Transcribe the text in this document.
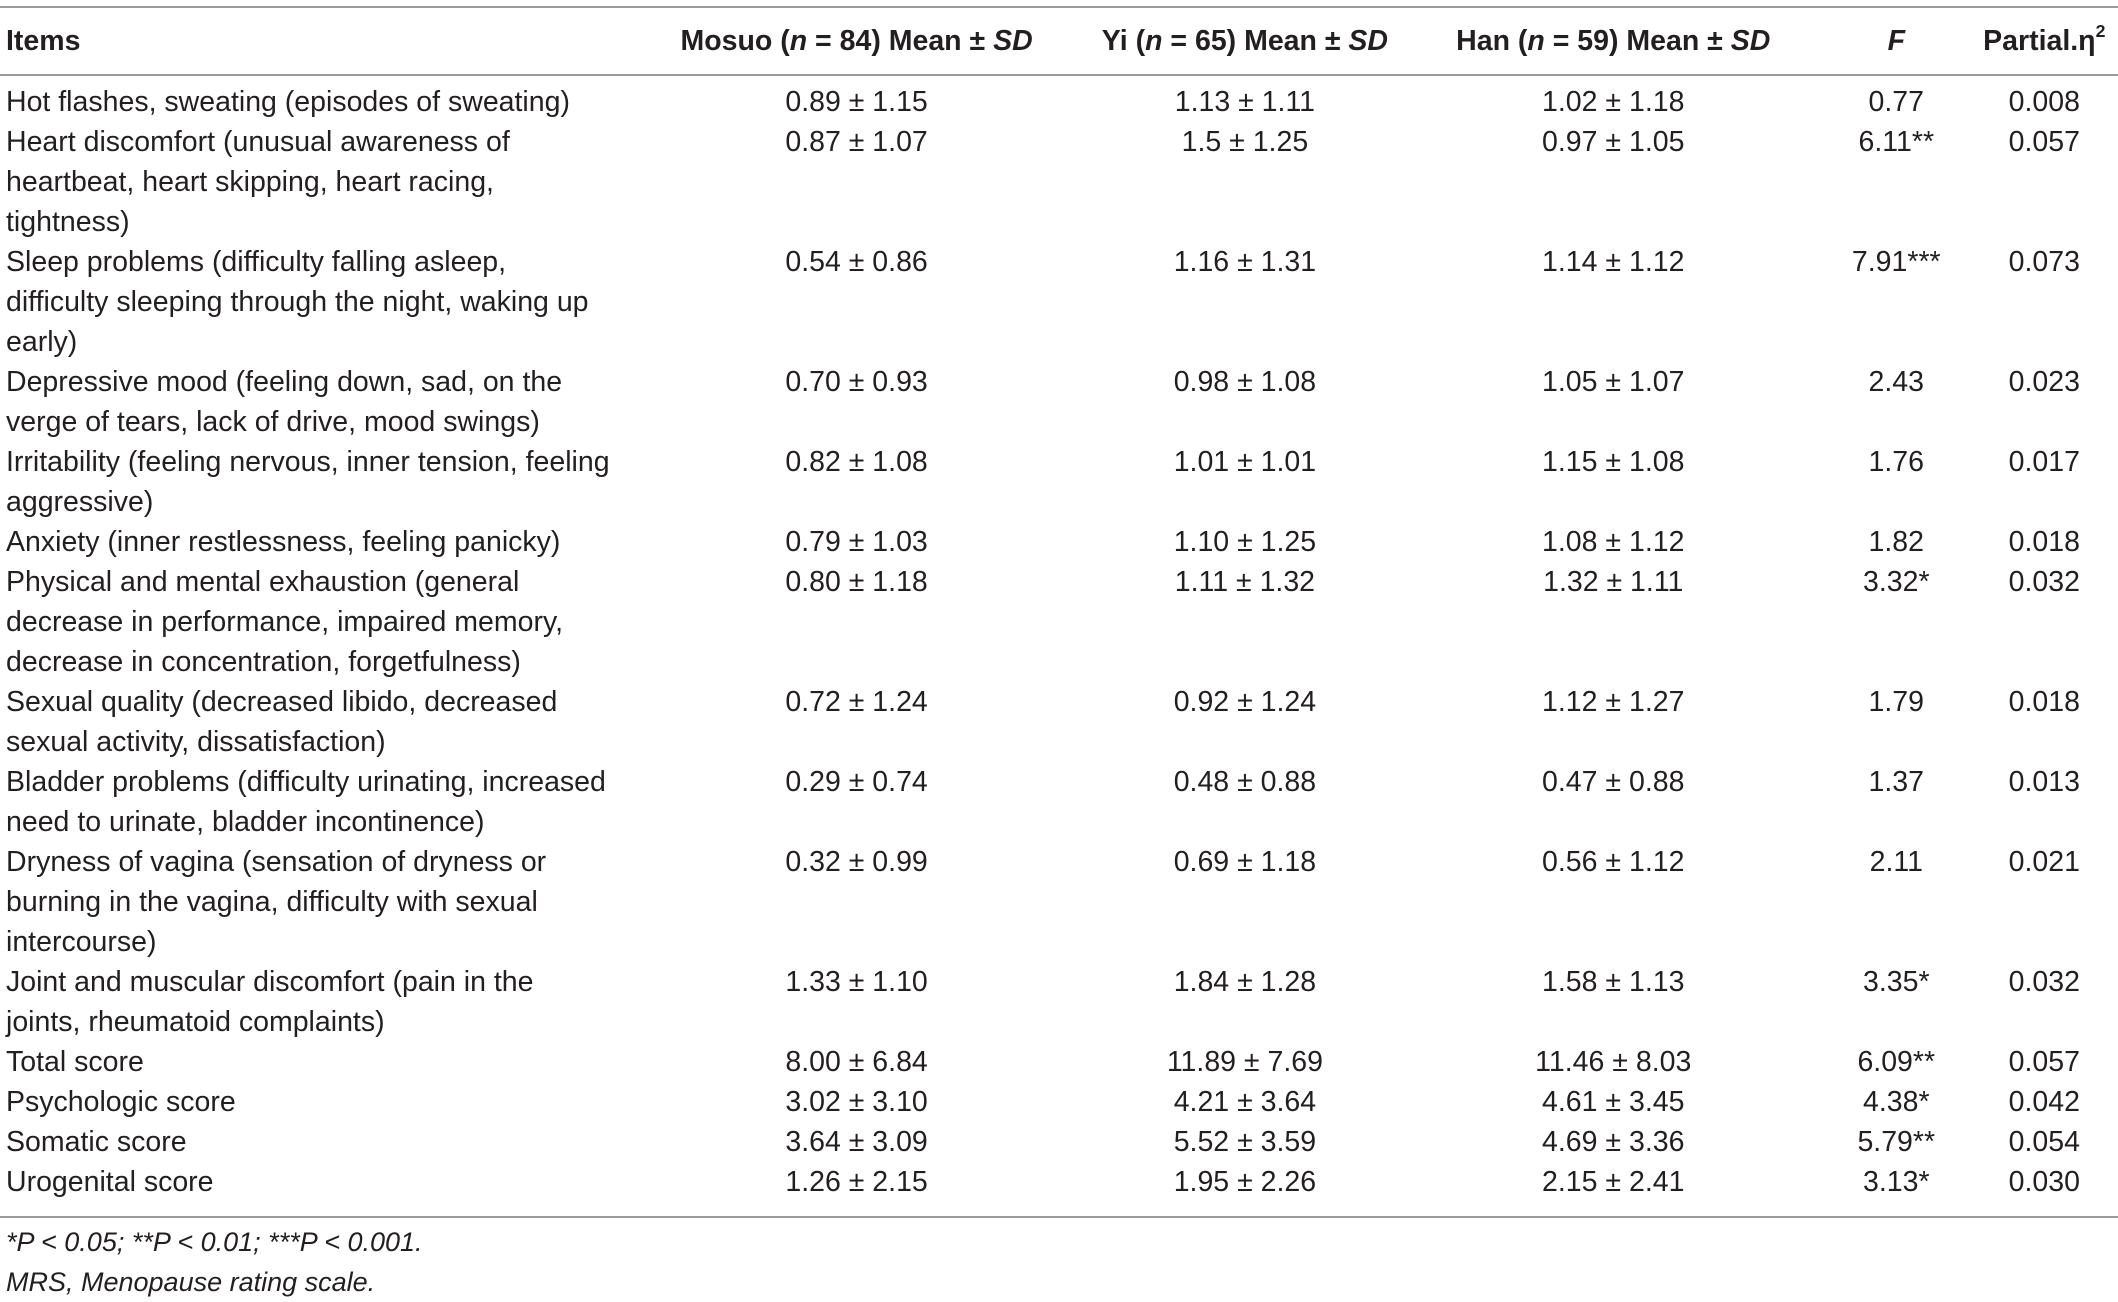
Items	Mosuo (n = 84) Mean ± SD	Yi (n = 65) Mean ± SD	Han (n = 59) Mean ± SD	F	$Partial.\eta^2$
Hot flashes, sweating (episodes of sweating)	0.89 ± 1.15	1.13 ± 1.11	1.02 ± 1.18	0.77	0.008
Heart discomfort (unusual awareness of heartbeat, heart skipping, heart racing, tightness)	0.87 ± 1.07	1.5 ± 1.25	0.97 ± 1.05	6.11**	0.057
Sleep problems (difficulty falling asleep, difficulty sleeping through the night, waking up early)	0.54 ± 0.86	1.16 ± 1.31	1.14 ± 1.12	7.91***	0.073
Depressive mood (feeling down, sad, on the verge of tears, lack of drive, mood swings)	0.70 ± 0.93	0.98 ± 1.08	1.05 ± 1.07	2.43	0.023
Irritability (feeling nervous, inner tension, feeling aggressive)	0.82 ± 1.08	1.01 ± 1.01	1.15 ± 1.08	1.76	0.017
Anxiety (inner restlessness, feeling panicky)	0.79 ± 1.03	1.10 ± 1.25	1.08 ± 1.12	1.82	0.018
Physical and mental exhaustion (general decrease in performance, impaired memory, decrease in concentration, forgetfulness)	0.80 ± 1.18	1.11 ± 1.32	1.32 ± 1.11	3.32*	0.032
Sexual quality (decreased libido, decreased sexual activity, dissatisfaction)	0.72 ± 1.24	0.92 ± 1.24	1.12 ± 1.27	1.79	0.018
Bladder problems (difficulty urinating, increased need to urinate, bladder incontinence)	0.29 ± 0.74	0.48 ± 0.88	0.47 ± 0.88	1.37	0.013
Dryness of vagina (sensation of dryness or burning in the vagina, difficulty with sexual intercourse)	0.32 ± 0.99	0.69 ± 1.18	0.56 ± 1.12	2.11	0.021
Joint and muscular discomfort (pain in the joints, rheumatoid complaints)	1.33 ± 1.10	1.84 ± 1.28	1.58 ± 1.13	3.35*	0.032
Total score	8.00 ± 6.84	11.89 ± 7.69	11.46 ± 8.03	6.09**	0.057
Psychologic score	3.02 ± 3.10	4.21 ± 3.64	4.61 ± 3.45	4.38*	0.042
Somatic score	3.64 ± 3.09	5.52 ± 3.59	4.69 ± 3.36	5.79**	0.054
Urogenital score	1.26 ± 2.15	1.95 ± 2.26	2.15 ± 2.41	3.13*	0.030
*P < 0.05; **P < 0.01; ***P < 0.001.
MRS, Menopause rating scale.
